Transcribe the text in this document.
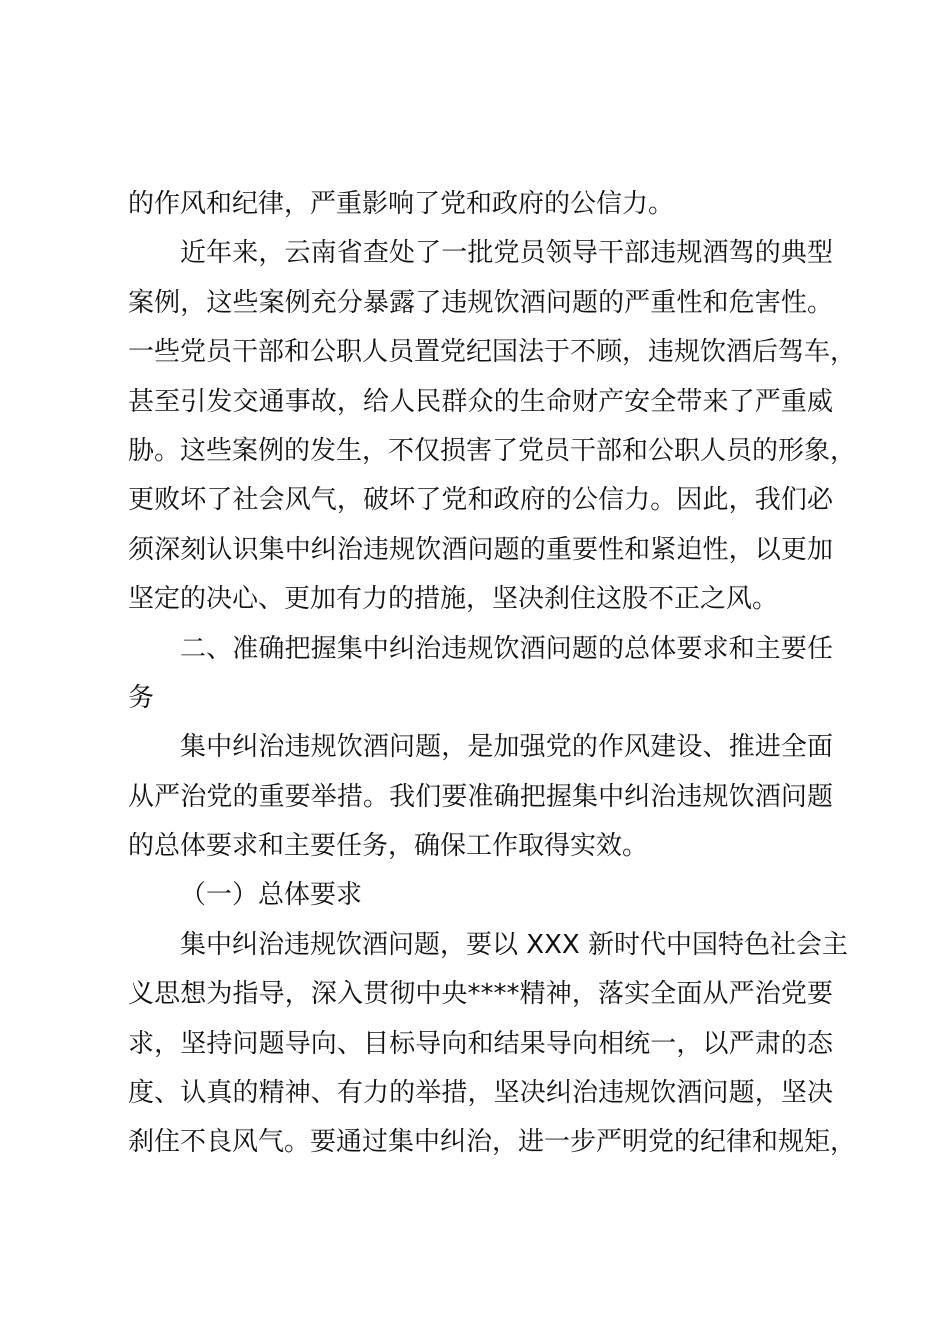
的作风和纪律，严重影响了党和政府的公信力。
近年来，云南省查处了一批党员领导干部违规酒驾的典型
案例，这些案例充分暴露了违规饮酒问题的严重性和危害性。
一些党员干部和公职人员置党纪国法于不顾，违规饮酒后驾车，
甚至引发交通事故，给人民群众的生命财产安全带来了严重威
胁。这些案例的发生，不仅损害了党员干部和公职人员的形象，
更败坏了社会风气，破坏了党和政府的公信力。因此，我们必
须深刻认识集中纠治违规饮酒问题的重要性和紧迫性，以更加
坚定的决心、更加有力的措施，坚决刹住这股不正之风。
二、准确把握集中纠治违规饮酒问题的总体要求和主要任
务
集中纠治违规饮酒问题，是加强党的作风建设、推进全面
从严治党的重要举措。我们要准确把握集中纠治违规饮酒问题
的总体要求和主要任务，确保工作取得实效。
（一）总体要求
集中纠治违规饮酒问题，要以 XXX 新时代中国特色社会主
义思想为指导，深入贯彻中央****精神，落实全面从严治党要
求，坚持问题导向、目标导向和结果导向相统一，以严肃的态
度、认真的精神、有力的举措，坚决纠治违规饮酒问题，坚决
刹住不良风气。要通过集中纠治，进一步严明党的纪律和规矩，
